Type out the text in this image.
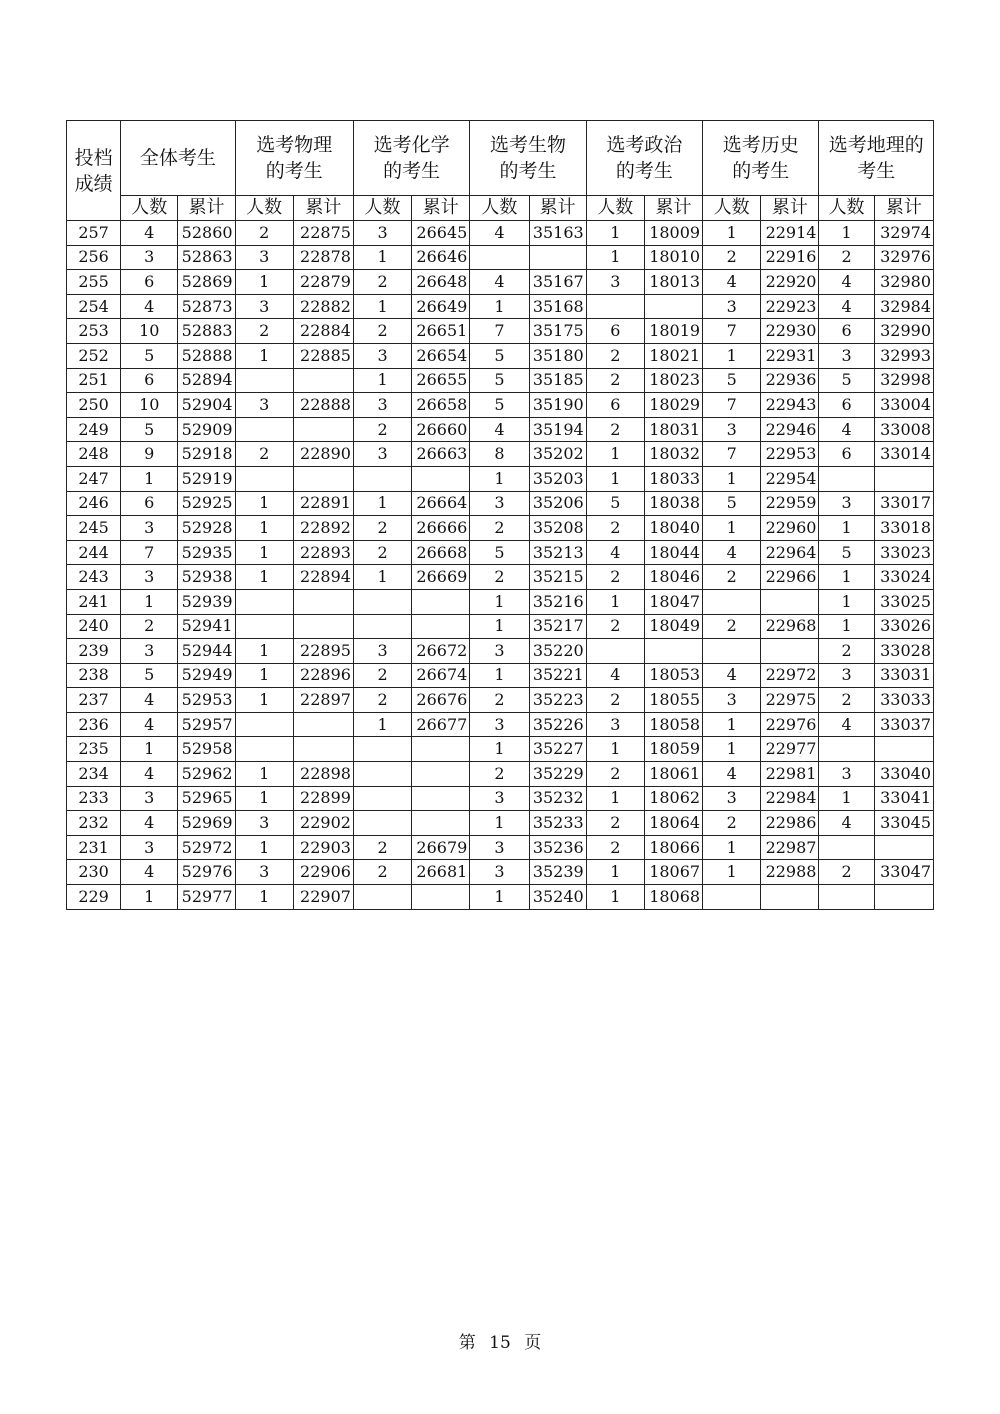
投档成绩	全体考生		选考物理的考生		选考化学的考生		选考生物的考生		选考政治的考生		选考历史的考生		选考地理的考生	
	人数	累计	人数	累计	人数	累计	人数	累计	人数	累计	人数	累计	人数	累计
257	4	52860	2	22875	3	26645	4	35163	1	18009	1	22914	1	32974
256	3	52863	3	22878	1	26646			1	18010	2	22916	2	32976
255	6	52869	1	22879	2	26648	4	35167	3	18013	4	22920	4	32980
254	4	52873	3	22882	1	26649	1	35168			3	22923	4	32984
253	10	52883	2	22884	2	26651	7	35175	6	18019	7	22930	6	32990
252	5	52888	1	22885	3	26654	5	35180	2	18021	1	22931	3	32993
251	6	52894			1	26655	5	35185	2	18023	5	22936	5	32998
250	10	52904	3	22888	3	26658	5	35190	6	18029	7	22943	6	33004
249	5	52909			2	26660	4	35194	2	18031	3	22946	4	33008
248	9	52918	2	22890	3	26663	8	35202	1	18032	7	22953	6	33014
247	1	52919					1	35203	1	18033	1	22954		
246	6	52925	1	22891	1	26664	3	35206	5	18038	5	22959	3	33017
245	3	52928	1	22892	2	26666	2	35208	2	18040	1	22960	1	33018
244	7	52935	1	22893	2	26668	5	35213	4	18044	4	22964	5	33023
243	3	52938	1	22894	1	26669	2	35215	2	18046	2	22966	1	33024
241	1	52939					1	35216	1	18047			1	33025
240	2	52941					1	35217	2	18049	2	22968	1	33026
239	3	52944	1	22895	3	26672	3	35220					2	33028
238	5	52949	1	22896	2	26674	1	35221	4	18053	4	22972	3	33031
237	4	52953	1	22897	2	26676	2	35223	2	18055	3	22975	2	33033
236	4	52957			1	26677	3	35226	3	18058	1	22976	4	33037
235	1	52958					1	35227	1	18059	1	22977		
234	4	52962	1	22898			2	35229	2	18061	4	22981	3	33040
233	3	52965	1	22899			3	35232	1	18062	3	22984	1	33041
232	4	52969	3	22902			1	35233	2	18064	2	22986	4	33045
231	3	52972	1	22903	2	26679	3	35236	2	18066	1	22987		
230	4	52976	3	22906	2	26681	3	35239	1	18067	1	22988	2	33047
229	1	52977	1	22907			1	35240	1	18068				
第 15 页
